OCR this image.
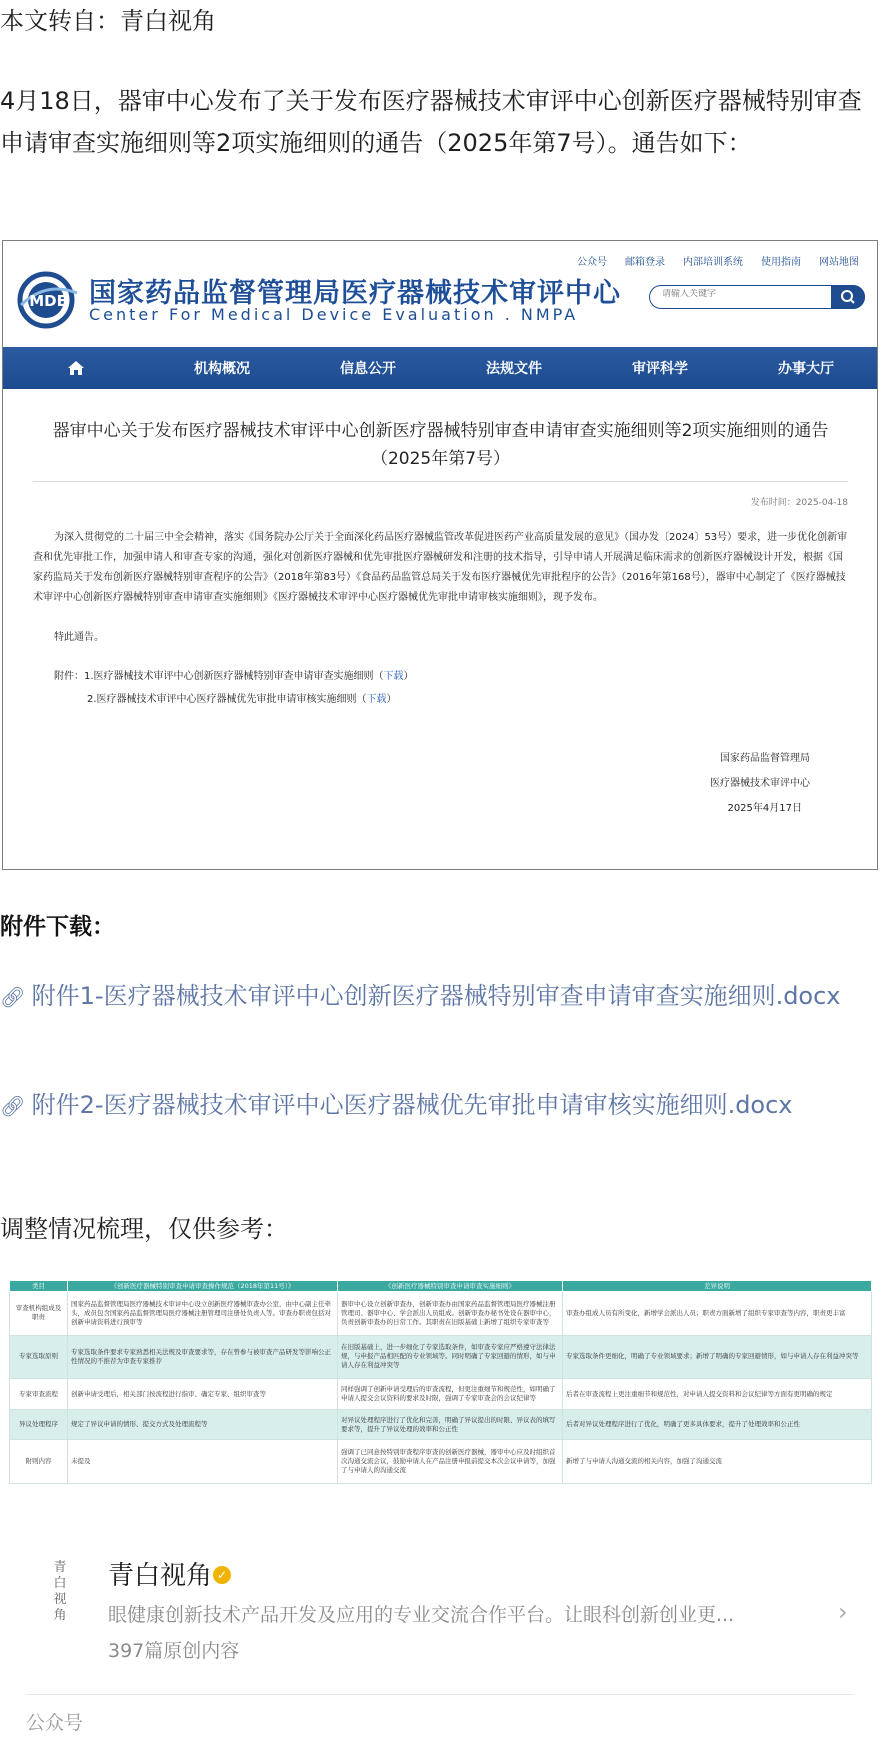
本文转自：青白视角
4月18日，器审中心发布了关于发布医疗器械技术审评中心创新医疗器械特别审查申请审查实施细则等2项实施细则的通告（2025年第7号）。通告如下：
公众号 邮箱登录 内部培训系统 使用指南 网站地图
MDE 国家药品监督管理局医疗器械技术审评中心
Center For Medical Device Evaluation . NMPA
请输入关键字
机构概况	信息公开	法规文件	审评科学	办事大厅
器审中心关于发布医疗器械技术审评中心创新医疗器械特别审查申请审查实施细则等2项实施细则的通告（2025年第7号）
发布时间：2025-04-18
为深入贯彻党的二十届三中全会精神，落实《国务院办公厅关于全面深化药品医疗器械监管改革促进医药产业高质量发展的意见》（国办发〔2024〕53号）要求，进一步优化创新审查和优先审批工作，加强申请人和审查专家的沟通，强化对创新医疗器械和优先审批医疗器械研发和注册的技术指导，引导申请人开展满足临床需求的创新医疗器械设计开发，根据《国家药监局关于发布创新医疗器械特别审查程序的公告》（2018年第83号）《食品药品监管总局关于发布医疗器械优先审批程序的公告》（2016年第168号），器审中心制定了《医疗器械技术审评中心创新医疗器械特别审查申请审查实施细则》《医疗器械技术审评中心医疗器械优先审批申请审核实施细则》，现予发布。
特此通告。
附件：1.医疗器械技术审评中心创新医疗器械特别审查申请审查实施细则（下载）
2.医疗器械技术审评中心医疗器械优先审批申请审核实施细则（下载）
国家药品监督管理局
医疗器械技术审评中心
2025年4月17日
附件下载：
🔗︎ 附件1-医疗器械技术审评中心创新医疗器械特别审查申请审查实施细则.docx
🔗︎ 附件2-医疗器械技术审评中心医疗器械优先审批申请审核实施细则.docx
调整情况梳理，仅供参考：
类目	《创新医疗器械特别审查申请审查操作规范（2018年第11号）》	《创新医疗器械特别审查申请审查实施细则》	差异说明
审查机构组成及职责	国家药品监督管理局医疗器械技术审评中心设立创新医疗器械审查办公室，由中心副主任牵头，成员包含国家药品监督管理局医疗器械注册管理司注册处负责人等。审查办职责包括对创新申请资料进行预审等	器审中心设立创新审查办，创新审查办由国家药品监督管理局医疗器械注册管理司、器审中心、学会派出人员组成。创新审查办秘书处设在器审中心，负责创新审查办的日常工作。其职责在旧版基础上新增了组织专家审查等	审查办组成人员有所变化，新增学会派出人员；职责方面新增了组织专家审查等内容，职责更丰富
专家选取原则	专家选取条件要求专家熟悉相关法规及审查要求等，存在曾参与被审查产品研发等影响公正性情况的不推荐为审查专家推荐	在旧版基础上，进一步细化了专家选取条件，如审查专家应严格遵守法律法规，与申报产品相匹配的专业领域等。同时明确了专家回避的情形，如与申请人存在利益冲突等	专家选取条件更细化，明确了专业领域要求；新增了明确的专家回避情形，如与申请人存在利益冲突等
专家审查流程	创新申请受理后，相关部门按流程进行指审、确定专家、组织审查等	同样强调了创新申请受理后的审查流程，但更注重细节和规范性，如明确了申请人提交会议资料的要求及时限，强调了专家审查会的会议纪律等	后者在审查流程上更注重细节和规范性，对申请人提交资料和会议纪律等方面有更明确的规定
异议处理程序	规定了异议申请的情形、提交方式及处理流程等	对异议处理程序进行了优化和完善，明确了异议提出的时限、异议表的填写要求等，提升了异议处理的效率和公正性	后者对异议处理程序进行了优化，明确了更多具体要求，提升了处理效率和公正性
附则内容	未提及	强调了已同意按特别审查程序审查的创新医疗器械，器审中心应及时组织首次沟通交流会议，鼓励申请人在产品注册申报前提交本次会议申请等，加强了与申请人的沟通交流	新增了与申请人沟通交流的相关内容，加强了沟通交流
青
白
视
角
青白视角 ✓
眼健康创新技术产品开发及应用的专业交流合作平台。让眼科创新创业更...
397篇原创内容
›
公众号
